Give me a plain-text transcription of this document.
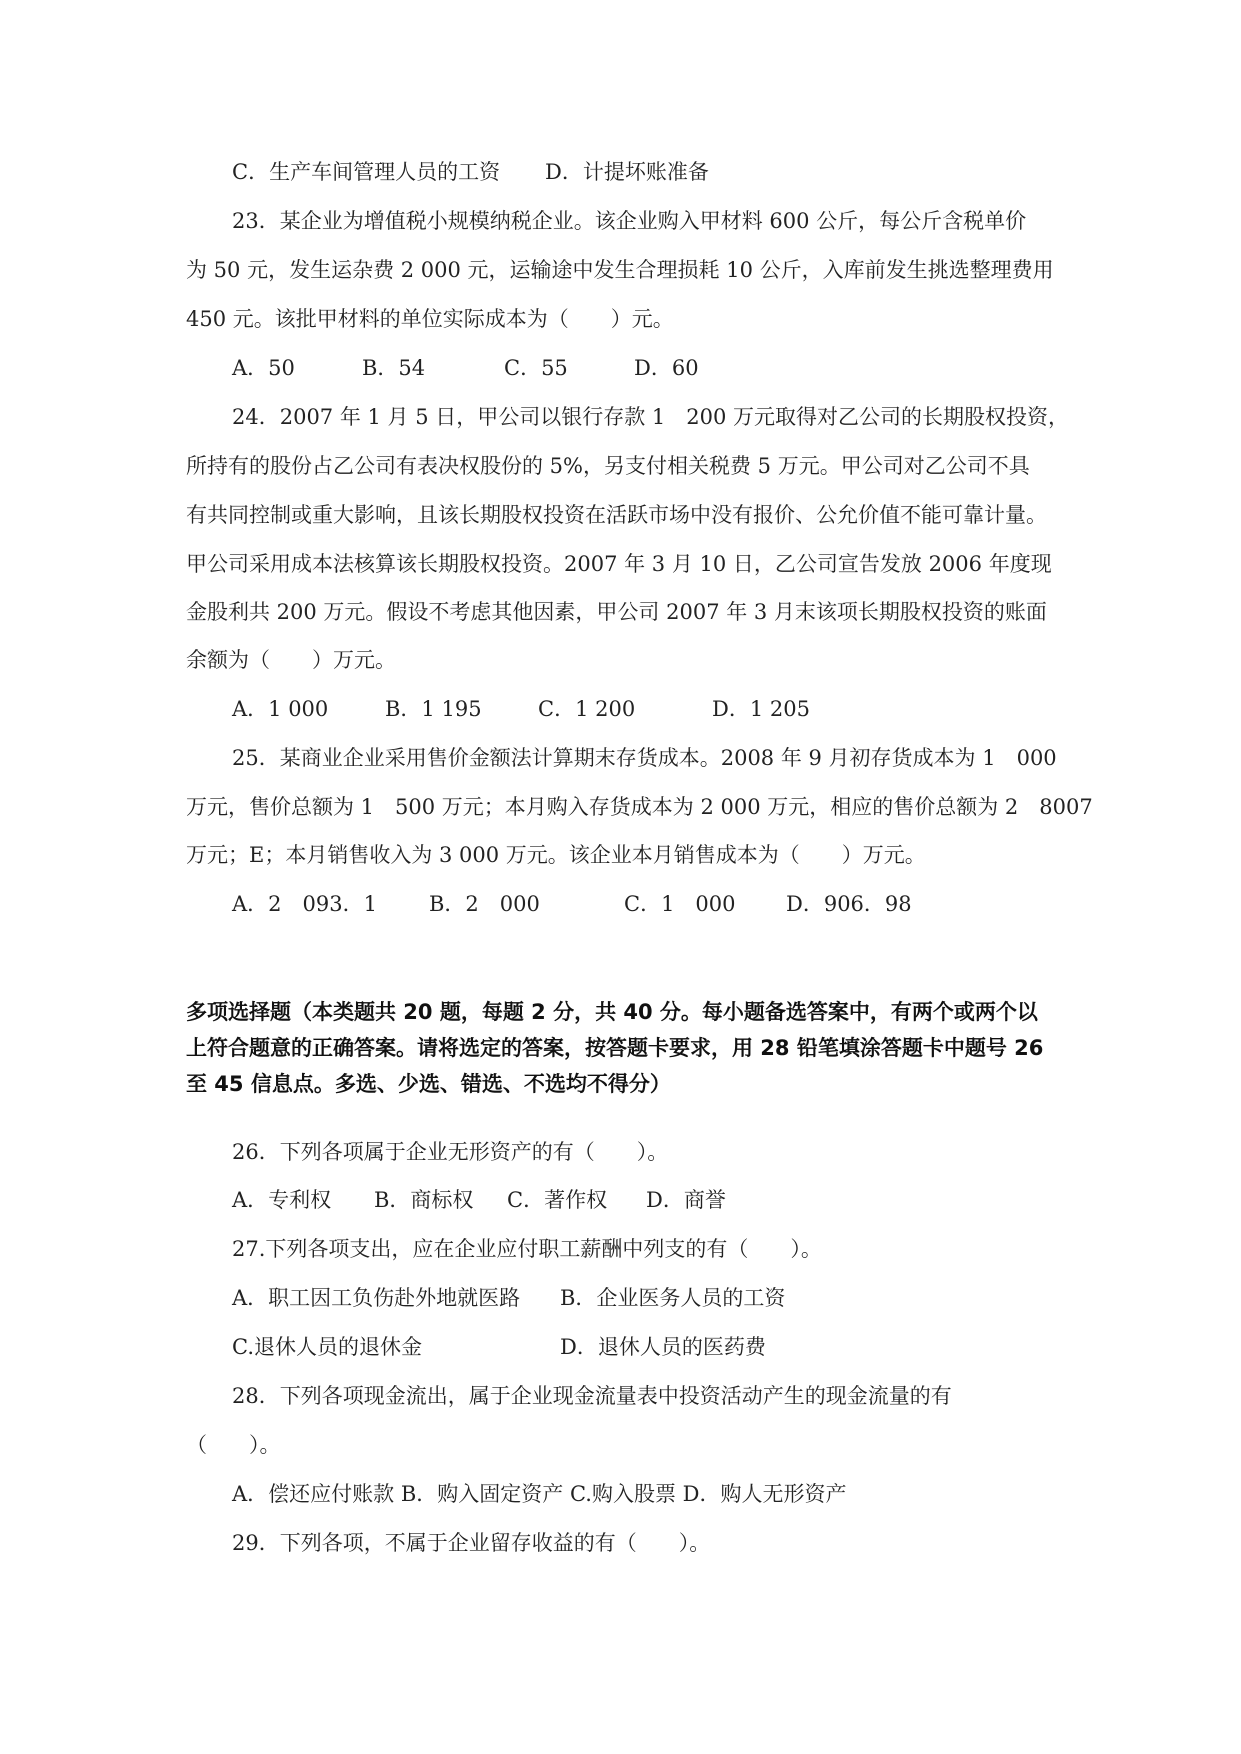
C．生产车间管理人员的工资 D．计提坏账准备
23．某企业为增值税小规模纳税企业。该企业购入甲材料 600 公斤，每公斤含税单价
为 50 元，发生运杂费 2 000 元，运输途中发生合理损耗 10 公斤，入库前发生挑选整理费用
450 元。该批甲材料的单位实际成本为（　　）元。
A．50	B．54	C．55	D．60
24．2007 年 1 月 5 日，甲公司以银行存款 1　200 万元取得对乙公司的长期股权投资，
所持有的股份占乙公司有表决权股份的 5%，另支付相关税费 5 万元。甲公司对乙公司不具
有共同控制或重大影响，且该长期股权投资在活跃市场中没有报价、公允价值不能可靠计量。
甲公司采用成本法核算该长期股权投资。2007 年 3 月 10 日，乙公司宣告发放 2006 年度现
金股利共 200 万元。假设不考虑其他因素，甲公司 2007 年 3 月末该项长期股权投资的账面
余额为（　　）万元。
A．1 000	B．1 195	C．1 200	D．1 205
25．某商业企业采用售价金额法计算期末存货成本。2008 年 9 月初存货成本为 1　000
万元，售价总额为 1　500 万元；本月购入存货成本为 2 000 万元，相应的售价总额为 2　8007
万元；E；本月销售收入为 3 000 万元。该企业本月销售成本为（　　）万元。
A．2　093．1 B．2　000	C．1　000 D．906．98
多项选择题（本类题共 20 题，每题 2 分，共 40 分。每小题备选答案中，有两个或两个以
上符合题意的正确答案。请将选定的答案，按答题卡要求，用 28 铅笔填涂答题卡中题号 26
至 45 信息点。多选、少选、错选、不选均不得分）
26．下列各项属于企业无形资产的有（　　）。
A．专利权 B．商标权 C．著作权 D．商誉
27.下列各项支出，应在企业应付职工薪酬中列支的有（　　）。
A．职工因工负伤赴外地就医路 B．企业医务人员的工资
C.退休人员的退休金	D．退休人员的医药费
28．下列各项现金流出，属于企业现金流量表中投资活动产生的现金流量的有
（　　）。
A．偿还应付账款 B．购入固定资产 C.购入股票 D．购人无形资产
29．下列各项，不属于企业留存收益的有（　　）。
